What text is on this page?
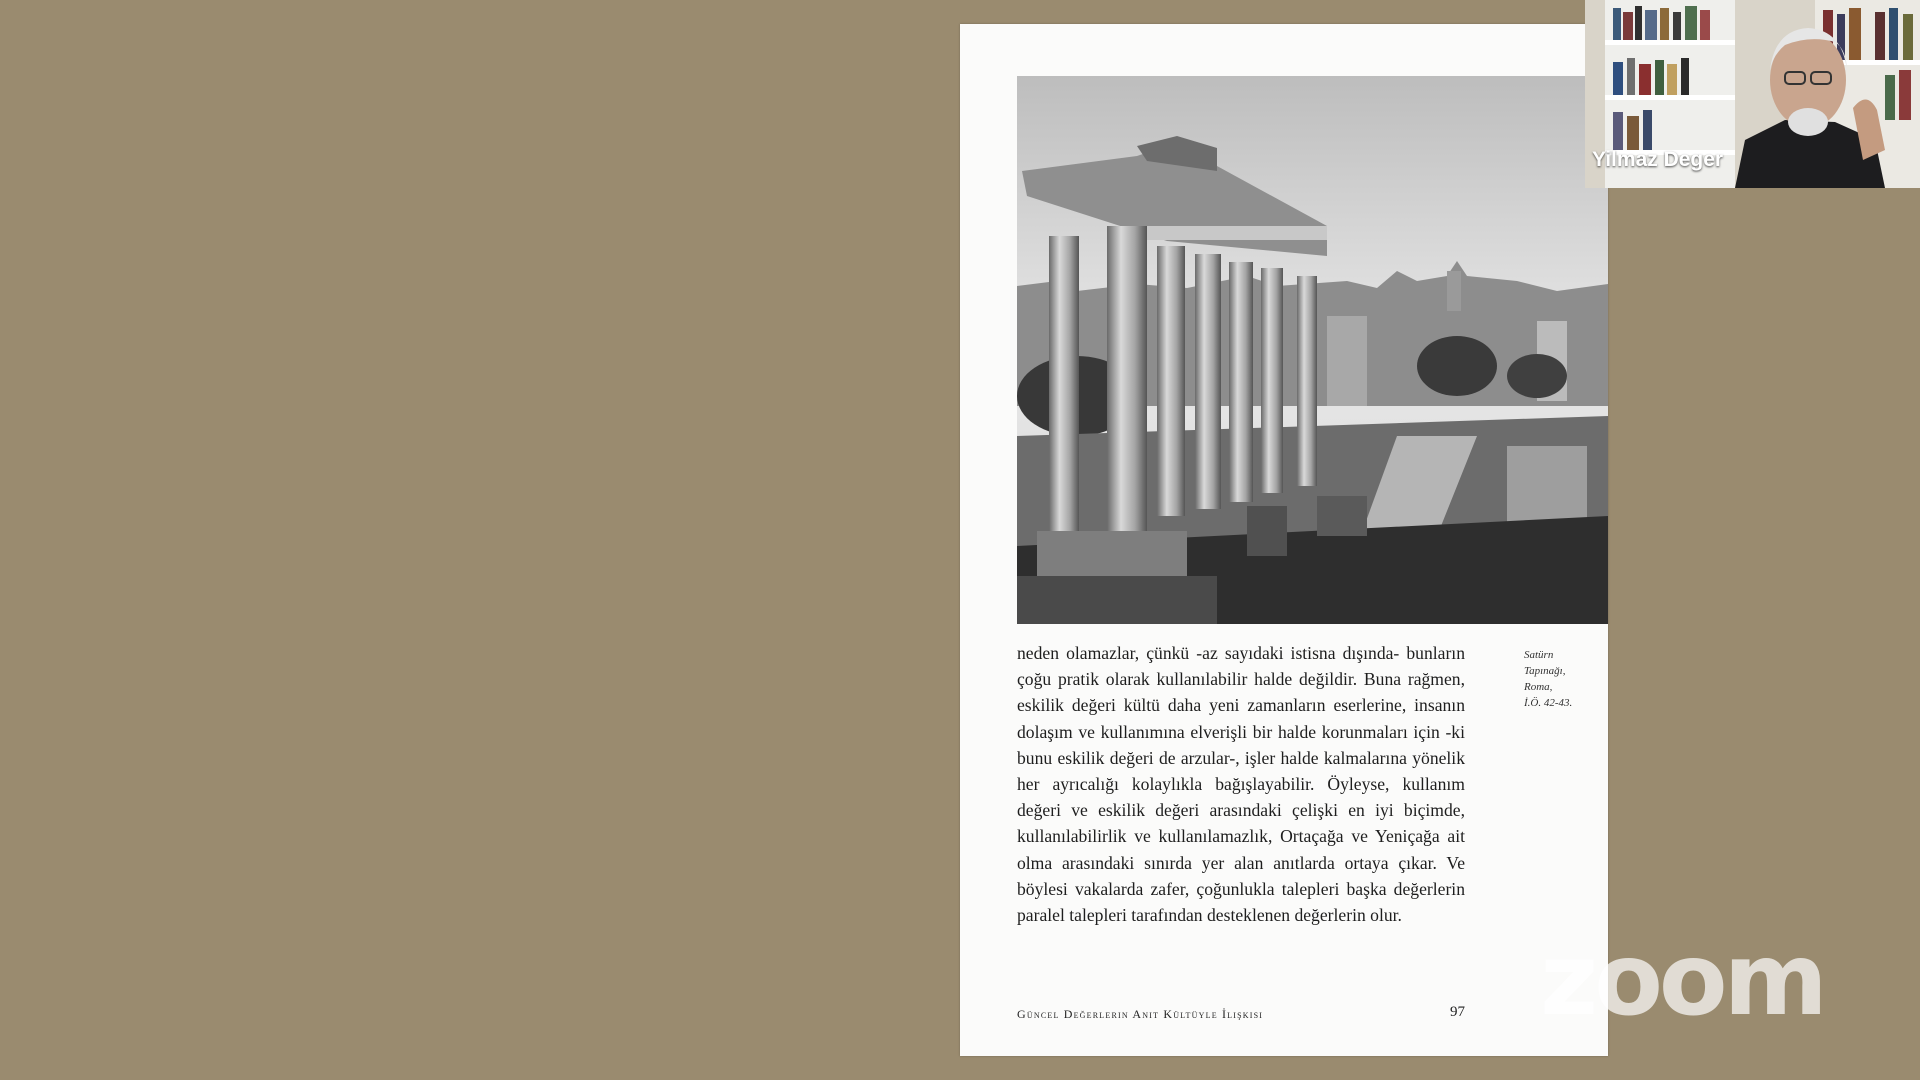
neden olamazlar, çünkü -az sayıdaki istisna dışında- bunların çoğu pratik olarak kullanılabilir halde değildir. Buna rağmen, eskilik değeri kültü daha yeni zamanların eserlerine, insanın dolaşım ve kullanımına elverişli bir halde korunmaları için -ki bunu eskilik değeri de arzular-, işler halde kalmalarına yönelik her ayrıcalığı kolaylıkla bağışlayabilir. Öyleyse, kullanım değeri ve eskilik değeri arasındaki çelişki en iyi biçimde, kullanılabilirlik ve kullanılamazlık, Ortaçağa ve Yeniçağa ait olma arasındaki sınırda yer alan anıtlarda ortaya çıkar. Ve böylesi vakalarda zafer, çoğunlukla talepleri başka değerlerin paralel talepleri tarafından desteklenen değerlerin olur.

Satürn
Tapınağı,
Roma,
İ.Ö. 42-43.
Güncel Değerlerin Anıt Kültüyle İlişkisi	97
Yilmaz Deger
zoom
